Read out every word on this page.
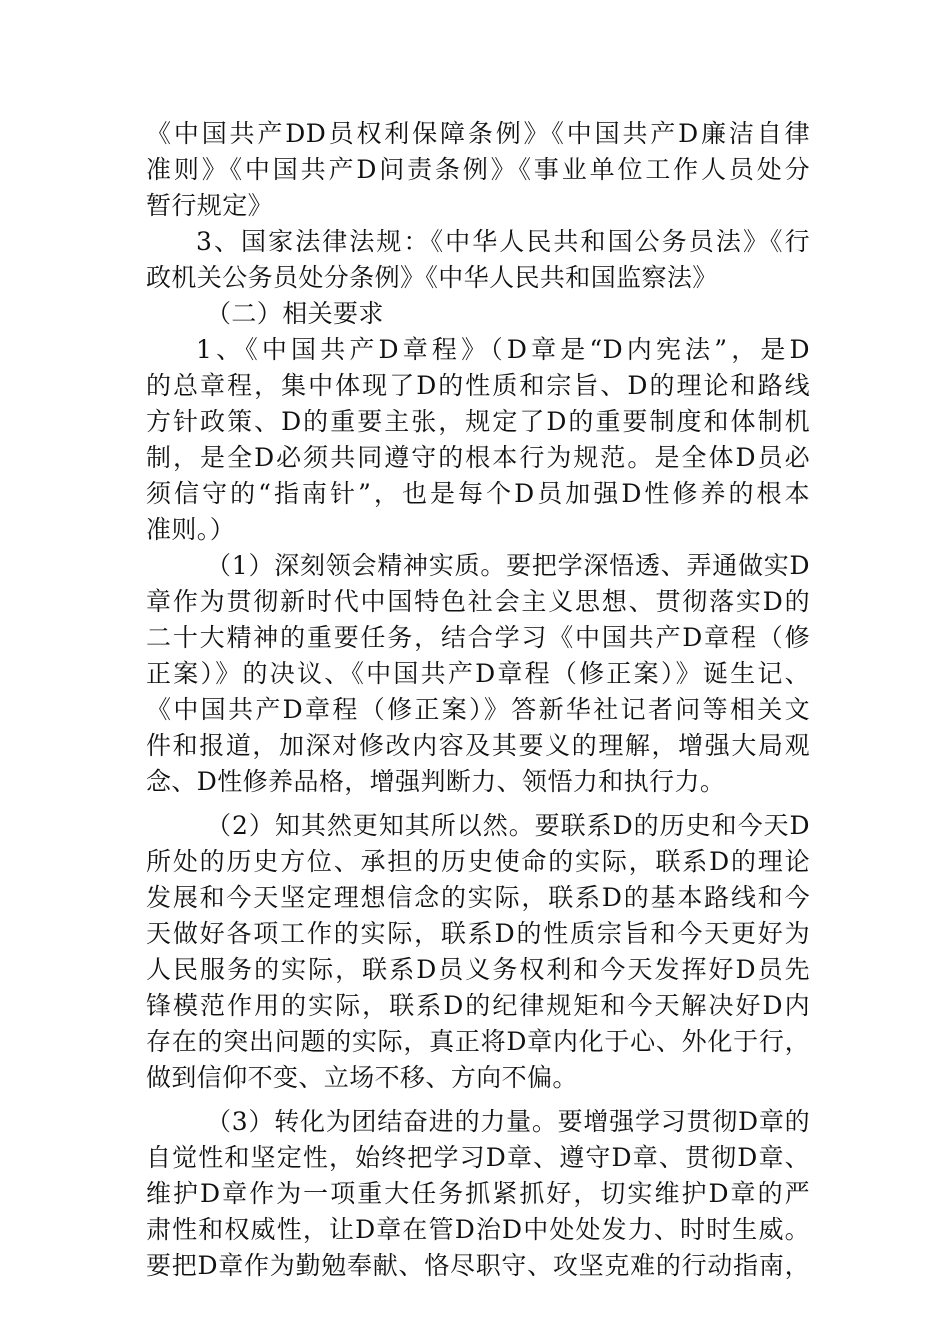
《中国共产DD员权利保障条例》《中国共产D廉洁自律
准则》《中国共产D问责条例》《事业单位工作人员处分
暂行规定》
3、国家法律法规：《中华人民共和国公务员法》《行
政机关公务员处分条例》《中华人民共和国监察法》
（二）相关要求
1、《中国共产D章程》（D章是“D内宪法”，是D
的总章程，集中体现了D的性质和宗旨、D的理论和路线
方针政策、D的重要主张，规定了D的重要制度和体制机
制，是全D必须共同遵守的根本行为规范。是全体D员必
须信守的“指南针”，也是每个D员加强D性修养的根本
准则。）
（1）深刻领会精神实质。要把学深悟透、弄通做实D
章作为贯彻新时代中国特色社会主义思想、贯彻落实D的
二十大精神的重要任务，结合学习《中国共产D章程（修
正案）》的决议、《中国共产D章程（修正案）》诞生记、
《中国共产D章程（修正案）》答新华社记者问等相关文
件和报道，加深对修改内容及其要义的理解，增强大局观
念、D性修养品格，增强判断力、领悟力和执行力。
（2）知其然更知其所以然。要联系D的历史和今天D
所处的历史方位、承担的历史使命的实际，联系D的理论
发展和今天坚定理想信念的实际，联系D的基本路线和今
天做好各项工作的实际，联系D的性质宗旨和今天更好为
人民服务的实际，联系D员义务权利和今天发挥好D员先
锋模范作用的实际，联系D的纪律规矩和今天解决好D内
存在的突出问题的实际，真正将D章内化于心、外化于行，
做到信仰不变、立场不移、方向不偏。
（3）转化为团结奋进的力量。要增强学习贯彻D章的
自觉性和坚定性，始终把学习D章、遵守D章、贯彻D章、
维护D章作为一项重大任务抓紧抓好，切实维护D章的严
肃性和权威性，让D章在管D治D中处处发力、时时生威。
要把D章作为勤勉奉献、恪尽职守、攻坚克难的行动指南，
